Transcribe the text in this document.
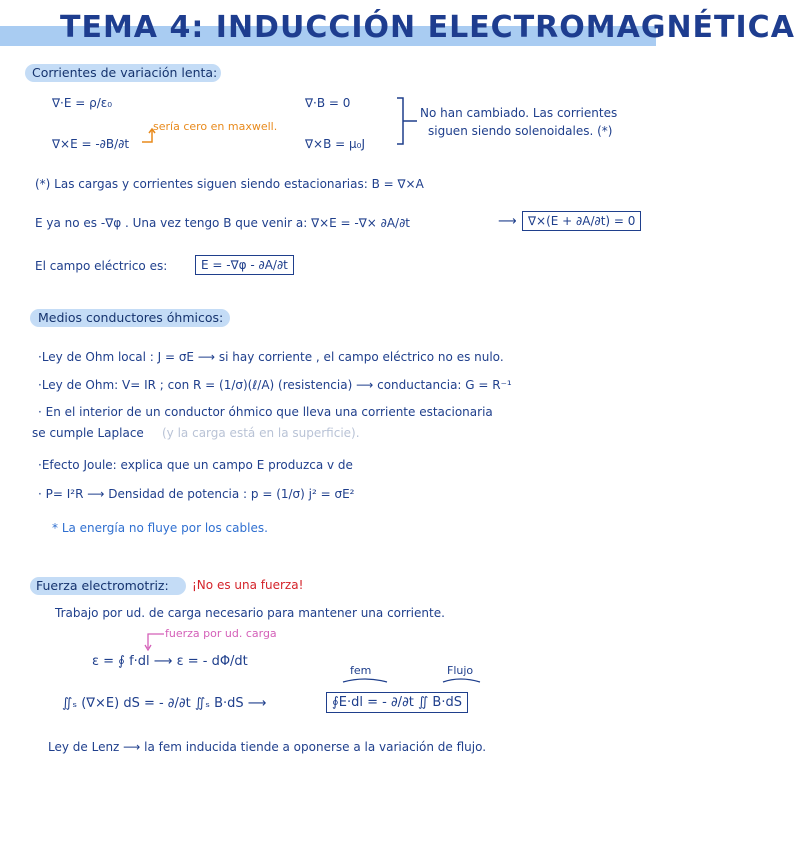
TEMA 4: INDUCCIÓN ELECTROMAGNÉTICA
Corrientes de variación lenta:
∇·E = ρ/ε₀	∇·B = 0
∇×E = -∂B/∂t	∇×B = μ₀J
sería cero en maxwell.
No han cambiado. Las corrientes
siguen siendo solenoidales. (*)
(*) Las cargas y corrientes siguen siendo estacionarias: B = ∇×A
E ya no es -∇φ . Una vez tengo B que venir a: ∇×E = -∇× ∂A/∂t	⟶ ∇×(E + ∂A/∂t) = 0
El campo eléctrico es:	E = -∇φ - ∂A/∂t
Medios conductores óhmicos:
·Ley de Ohm local : J = σE ⟶ si hay corriente , el campo eléctrico no es nulo.
·Ley de Ohm: V= IR ; con R = (1/σ)(ℓ/A) (resistencia) ⟶ conductancia: G = R⁻¹
· En el interior de un conductor óhmico que lleva una corriente estacionaria
se cumple Laplace (y la carga está en la superficie).
·Efecto Joule: explica que un campo E produzca v de
· P= I²R ⟶ Densidad de potencia : p = (1/σ) j² = σE²
* La energía no fluye por los cables.
Fuerza electromotriz: ¡No es una fuerza!
Trabajo por ud. de carga necesario para mantener una corriente.
fuerza por ud. carga
ε = ∮ f·dl ⟶ ε = - dΦ/dt
fem	Flujo
∬ₛ (∇×E) dS = - ∂/∂t ∬ₛ B·dS ⟶	∮E·dl = - ∂/∂t ∬ B·dS
Ley de Lenz ⟶ la fem inducida tiende a oponerse a la variación de flujo.
